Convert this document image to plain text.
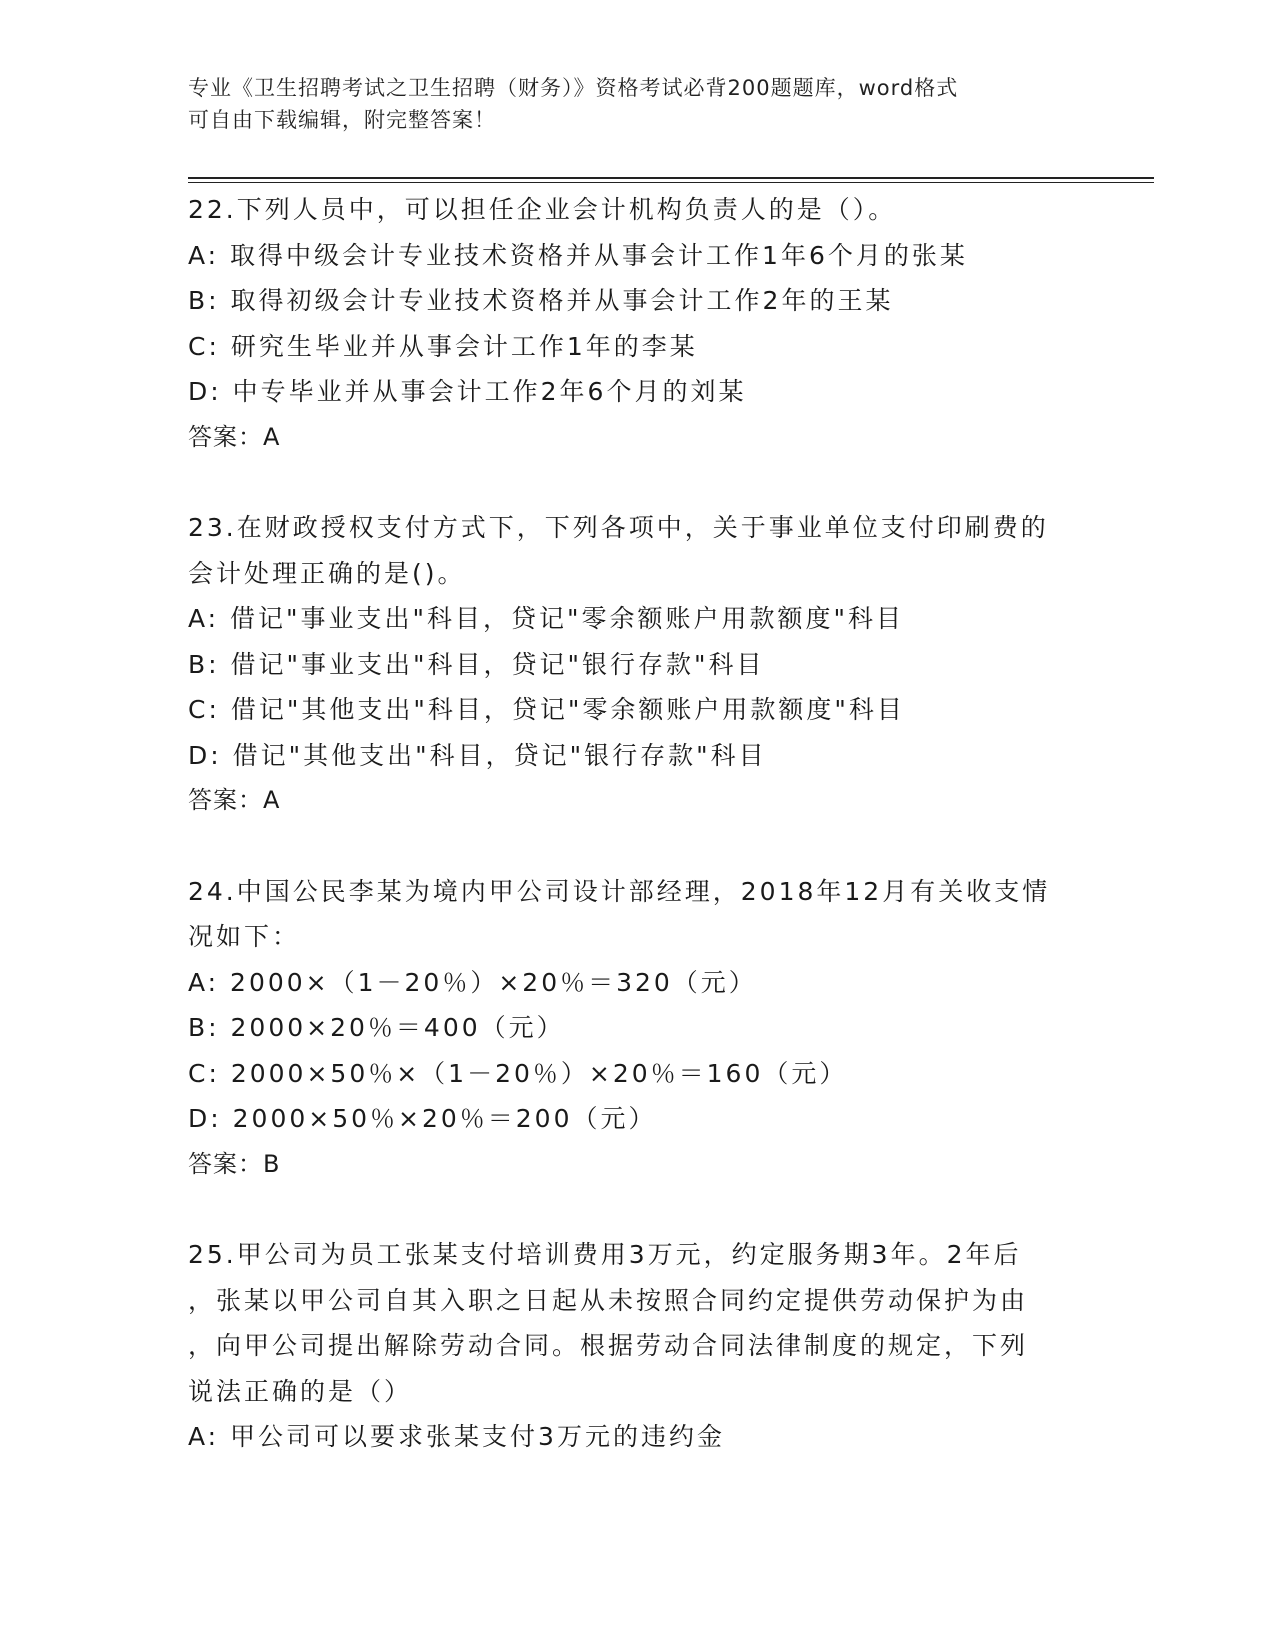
专业《卫生招聘考试之卫生招聘（财务）》资格考试必背200题题库，word格式
可自由下载编辑，附完整答案！
22.下列人员中，可以担任企业会计机构负责人的是（）。
A: 取得中级会计专业技术资格并从事会计工作1年6个月的张某
B: 取得初级会计专业技术资格并从事会计工作2年的王某
C: 研究生毕业并从事会计工作1年的李某
D: 中专毕业并从事会计工作2年6个月的刘某
答案：A
23.在财政授权支付方式下，下列各项中，关于事业单位支付印刷费的
会计处理正确的是()。
A: 借记"事业支出"科目，贷记"零余额账户用款额度"科目
B: 借记"事业支出"科目，贷记"银行存款"科目
C: 借记"其他支出"科目，贷记"零余额账户用款额度"科目
D: 借记"其他支出"科目，贷记"银行存款"科目
答案：A
24.中国公民李某为境内甲公司设计部经理，2018年12月有关收支情
况如下：
A: 2000×（1－20％）×20％＝320（元）
B: 2000×20％＝400（元）
C: 2000×50％×（1－20％）×20％＝160（元）
D: 2000×50％×20％＝200（元）
答案：B
25.甲公司为员工张某支付培训费用3万元，约定服务期3年。2年后
，张某以甲公司自其入职之日起从未按照合同约定提供劳动保护为由
，向甲公司提出解除劳动合同。根据劳动合同法律制度的规定，下列
说法正确的是（）
A: 甲公司可以要求张某支付3万元的违约金
